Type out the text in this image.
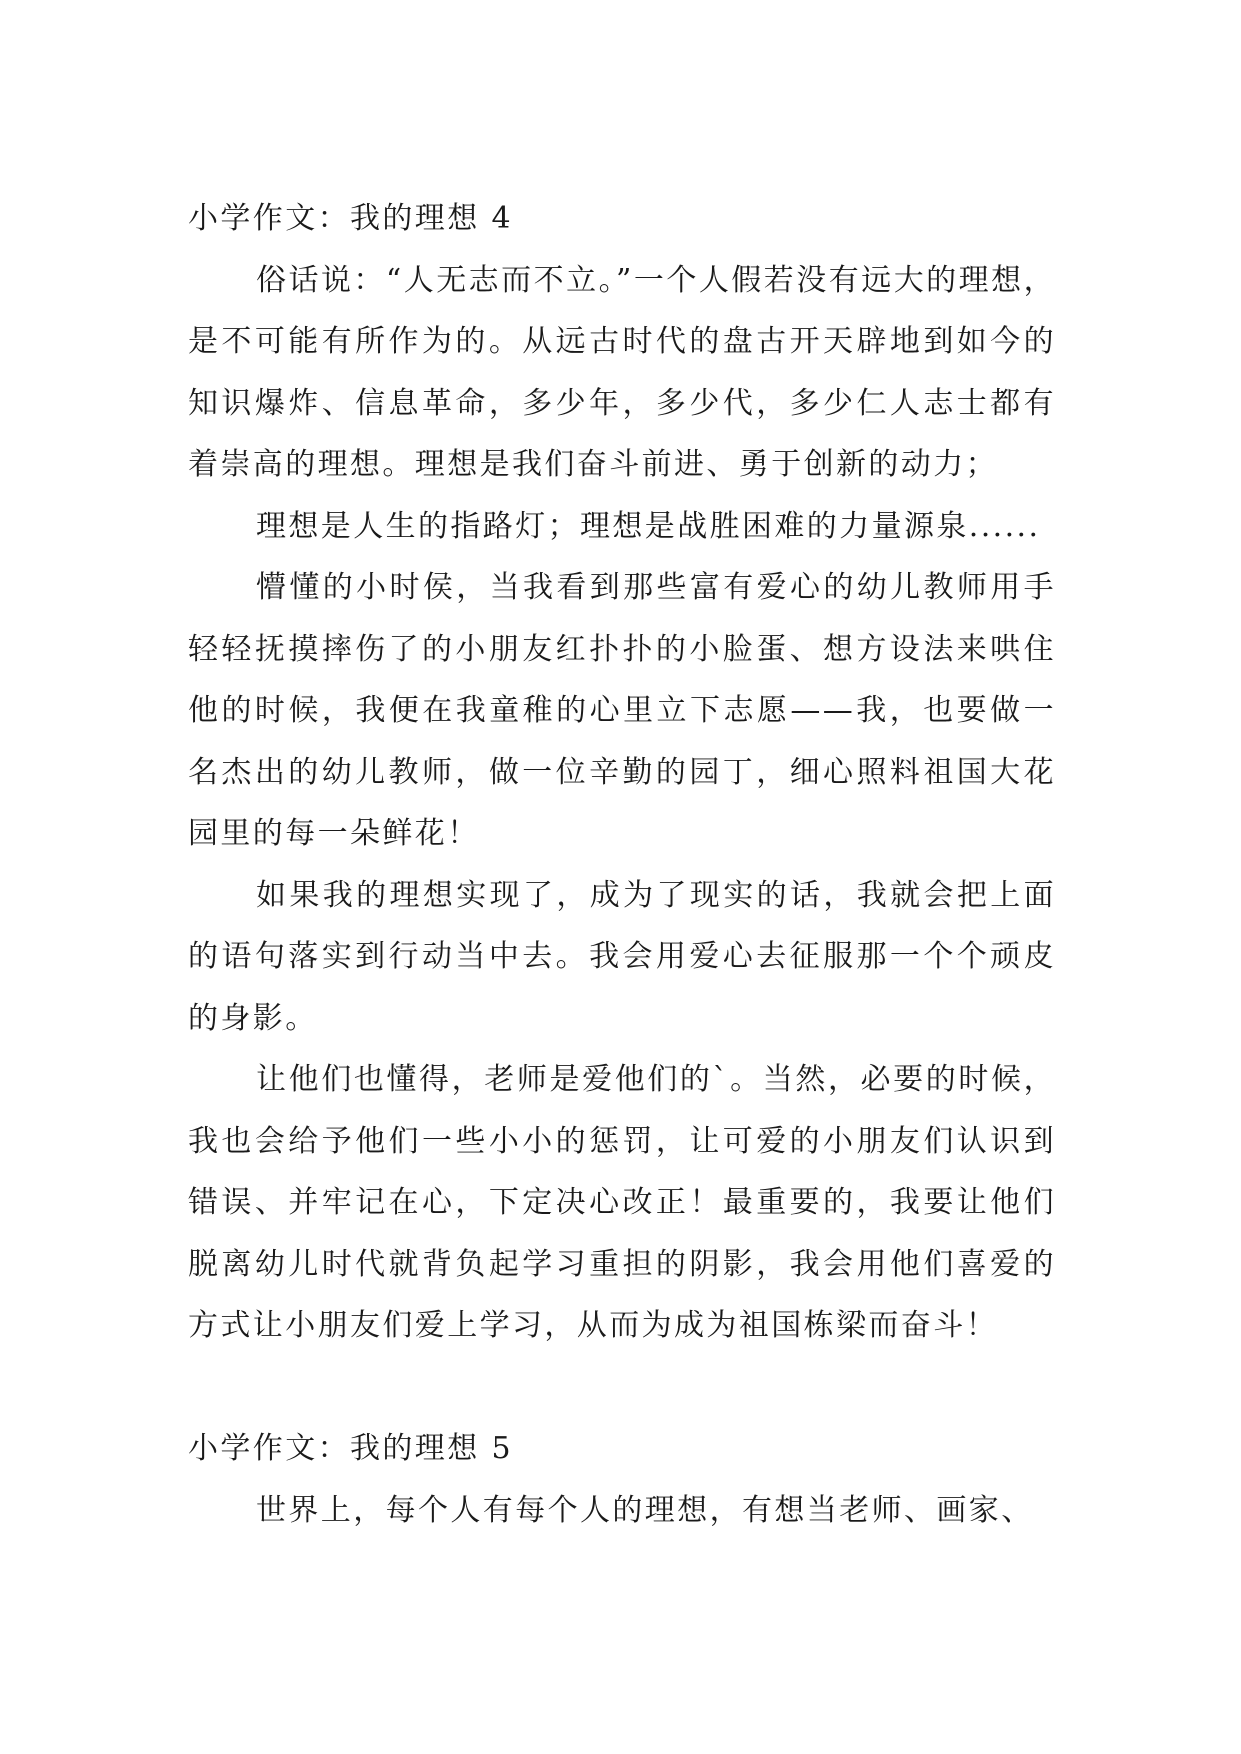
小学作文：我的理想 4

俗话说：“人无志而不立。”一个人假若没有远大的理想，是不可能有所作为的。从远古时代的盘古开天辟地到如今的知识爆炸、信息革命，多少年，多少代，多少仁人志士都有着崇高的理想。理想是我们奋斗前进、勇于创新的动力；

理想是人生的指路灯；理想是战胜困难的力量源泉......

懵懂的小时侯，当我看到那些富有爱心的幼儿教师用手轻轻抚摸摔伤了的小朋友红扑扑的小脸蛋、想方设法来哄住他的时候，我便在我童稚的心里立下志愿——我，也要做一名杰出的幼儿教师，做一位辛勤的园丁，细心照料祖国大花园里的每一朵鲜花！

如果我的理想实现了，成为了现实的话，我就会把上面的语句落实到行动当中去。我会用爱心去征服那一个个顽皮的身影。

让他们也懂得，老师是爱他们的`。当然，必要的时候，我也会给予他们一些小小的惩罚，让可爱的小朋友们认识到错误、并牢记在心，下定决心改正！最重要的，我要让他们脱离幼儿时代就背负起学习重担的阴影，我会用他们喜爱的方式让小朋友们爱上学习，从而为成为祖国栋梁而奋斗！

小学作文：我的理想 5

世界上，每个人有每个人的理想，有想当老师、画家、
